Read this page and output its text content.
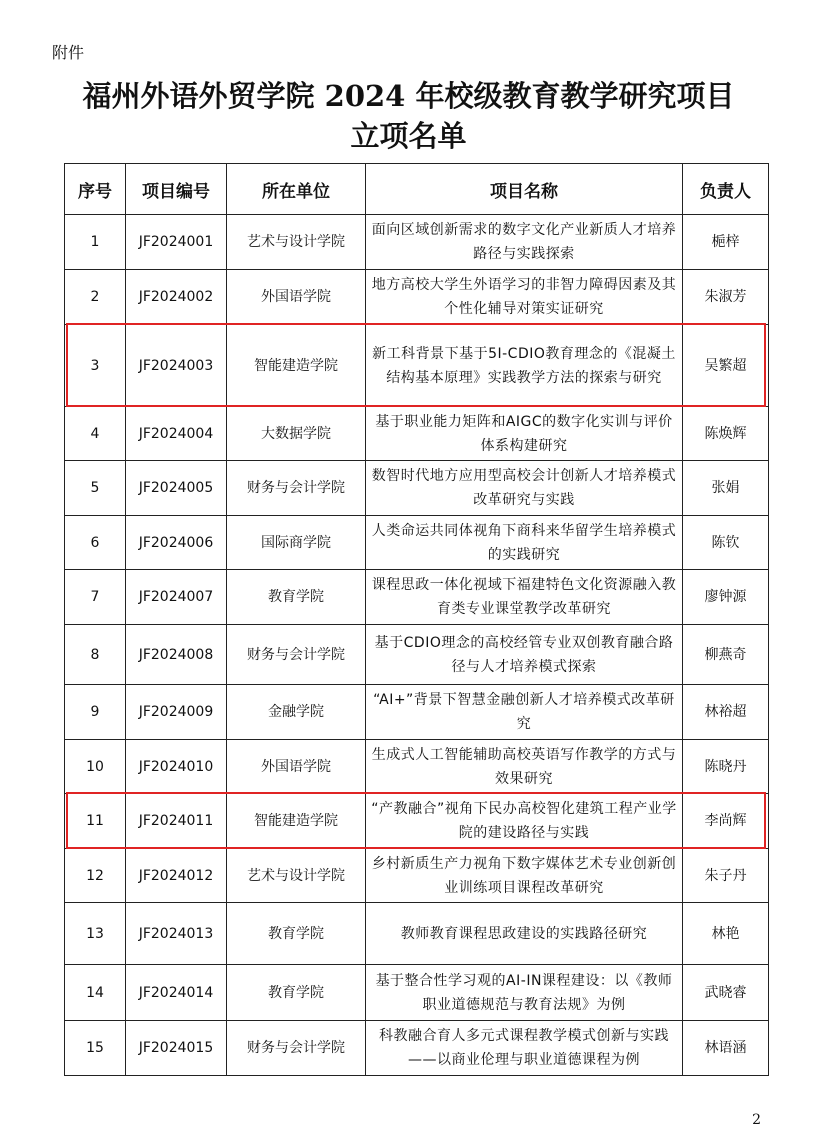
附件
福州外语外贸学院 2024 年校级教育教学研究项目
立项名单
序号	项目编号	所在单位	项目名称	负责人
1	JF2024001	艺术与设计学院	面向区域创新需求的数字文化产业新质人才培养路径与实践探索	梔梓
2	JF2024002	外国语学院	地方高校大学生外语学习的非智力障碍因素及其个性化辅导对策实证研究	朱淑芳
3	JF2024003	智能建造学院	新工科背景下基于5I-CDIO教育理念的《混凝土结构基本原理》实践教学方法的探索与研究	吴繁超
4	JF2024004	大数据学院	基于职业能力矩阵和AIGC的数字化实训与评价体系构建研究	陈焕辉
5	JF2024005	财务与会计学院	数智时代地方应用型高校会计创新人才培养模式改革研究与实践	张娟
6	JF2024006	国际商学院	人类命运共同体视角下商科来华留学生培养模式的实践研究	陈钦
7	JF2024007	教育学院	课程思政一体化视域下福建特色文化资源融入教育类专业课堂教学改革研究	廖钟源
8	JF2024008	财务与会计学院	基于CDIO理念的高校经管专业双创教育融合路径与人才培养模式探索	柳燕奇
9	JF2024009	金融学院	“AI+”背景下智慧金融创新人才培养模式改革研究	林裕超
10	JF2024010	外国语学院	生成式人工智能辅助高校英语写作教学的方式与效果研究	陈晓丹
11	JF2024011	智能建造学院	“产教融合”视角下民办高校智化建筑工程产业学院的建设路径与实践	李尚辉
12	JF2024012	艺术与设计学院	乡村新质生产力视角下数字媒体艺术专业创新创业训练项目课程改革研究	朱子丹
13	JF2024013	教育学院	教师教育课程思政建设的实践路径研究	林艳
14	JF2024014	教育学院	基于整合性学习观的AI-IN课程建设：以《教师职业道德规范与教育法规》为例	武晓睿
15	JF2024015	财务与会计学院	科教融合育人多元式课程教学模式创新与实践——以商业伦理与职业道德课程为例	林语涵
2
